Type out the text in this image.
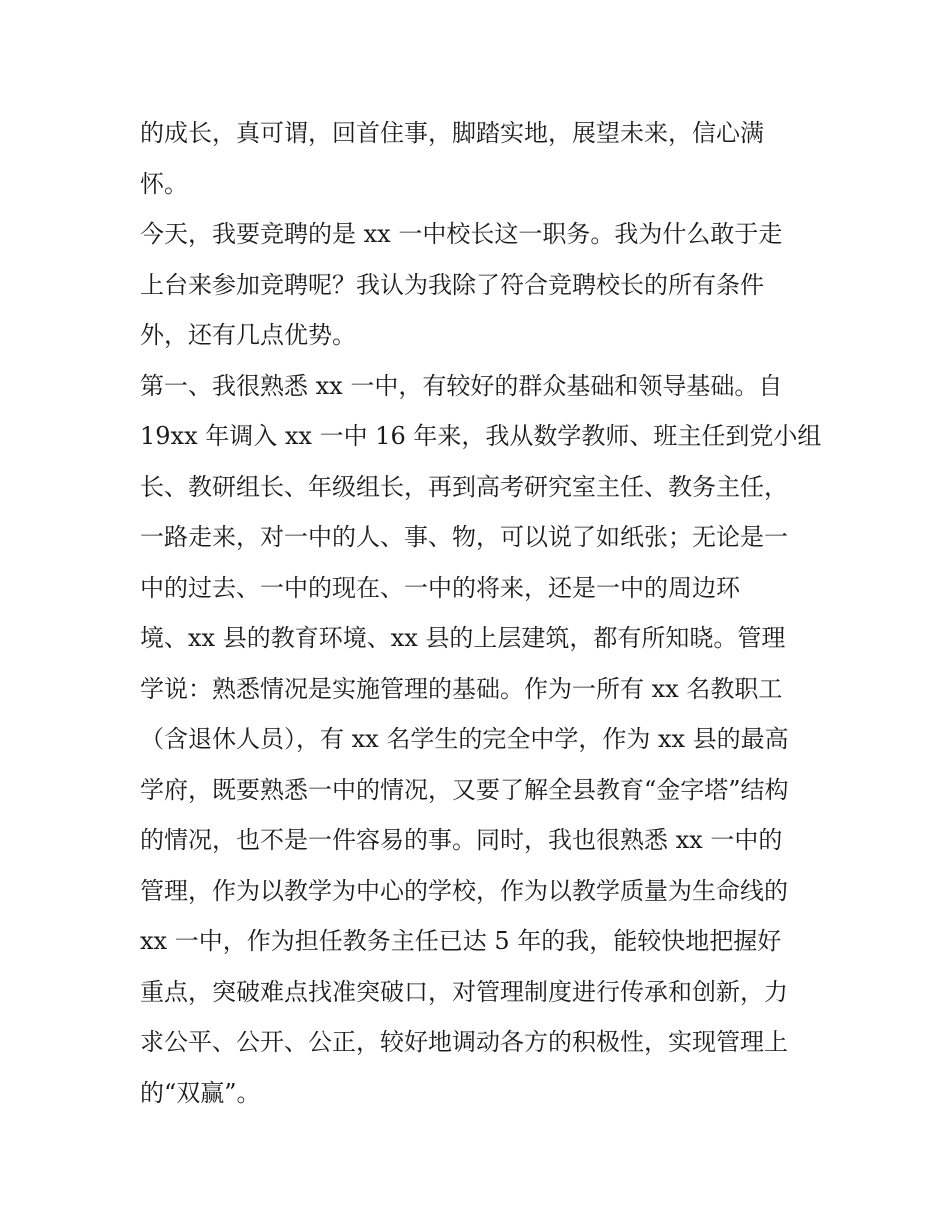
的成长，真可谓，回首住事，脚踏实地，展望未来，信心满
怀。
今天，我要竞聘的是 xx 一中校长这一职务。我为什么敢于走
上台来参加竞聘呢？我认为我除了符合竞聘校长的所有条件
外，还有几点优势。
第一、我很熟悉 xx 一中，有较好的群众基础和领导基础。自
19xx 年调入 xx 一中 16 年来，我从数学教师、班主任到党小组
长、教研组长、年级组长，再到高考研究室主任、教务主任，
一路走来，对一中的人、事、物，可以说了如纸张；无论是一
中的过去、一中的现在、一中的将来，还是一中的周边环
境、xx 县的教育环境、xx 县的上层建筑，都有所知晓。管理
学说：熟悉情况是实施管理的基础。作为一所有 xx 名教职工
（含退休人员），有 xx 名学生的完全中学，作为 xx 县的最高
学府，既要熟悉一中的情况，又要了解全县教育“金字塔”结构
的情况，也不是一件容易的事。同时，我也很熟悉 xx 一中的
管理，作为以教学为中心的学校，作为以教学质量为生命线的
xx 一中，作为担任教务主任已达 5 年的我，能较快地把握好
重点，突破难点找准突破口，对管理制度进行传承和创新，力
求公平、公开、公正，较好地调动各方的积极性，实现管理上
的“双赢”。
